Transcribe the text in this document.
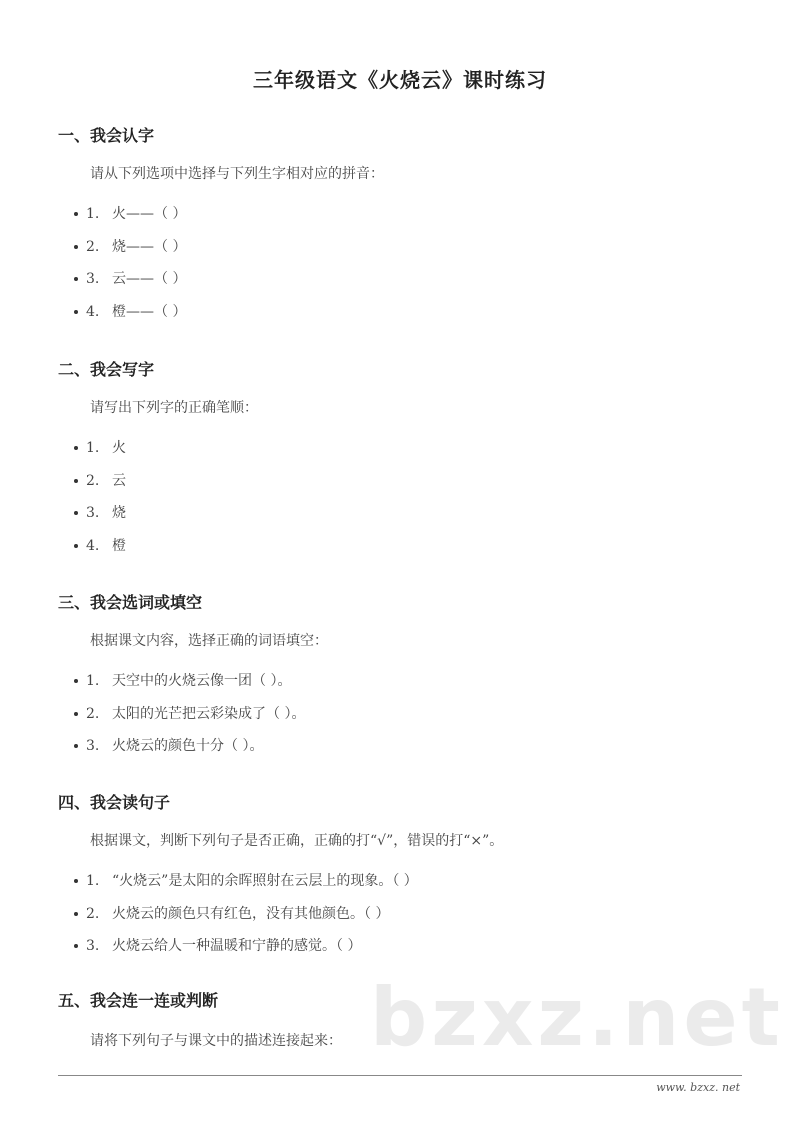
三年级语文《火烧云》课时练习
一、我会认字
请从下列选项中选择与下列生字相对应的拼音：
1. 火——（ ）
2. 烧——（ ）
3. 云——（ ）
4. 橙——（ ）
二、我会写字
请写出下列字的正确笔顺：
1. 火
2. 云
3. 烧
4. 橙
三、我会选词或填空
根据课文内容，选择正确的词语填空：
1. 天空中的火烧云像一团（ ）。
2. 太阳的光芒把云彩染成了（ ）。
3. 火烧云的颜色十分（ ）。
四、我会读句子
根据课文，判断下列句子是否正确，正确的打“√”，错误的打“×”。
1. “火烧云”是太阳的余晖照射在云层上的现象。（ ）
2. 火烧云的颜色只有红色，没有其他颜色。（ ）
3. 火烧云给人一种温暖和宁静的感觉。（ ）
bzxz.net
五、我会连一连或判断
请将下列句子与课文中的描述连接起来：
www. bzxz. net
